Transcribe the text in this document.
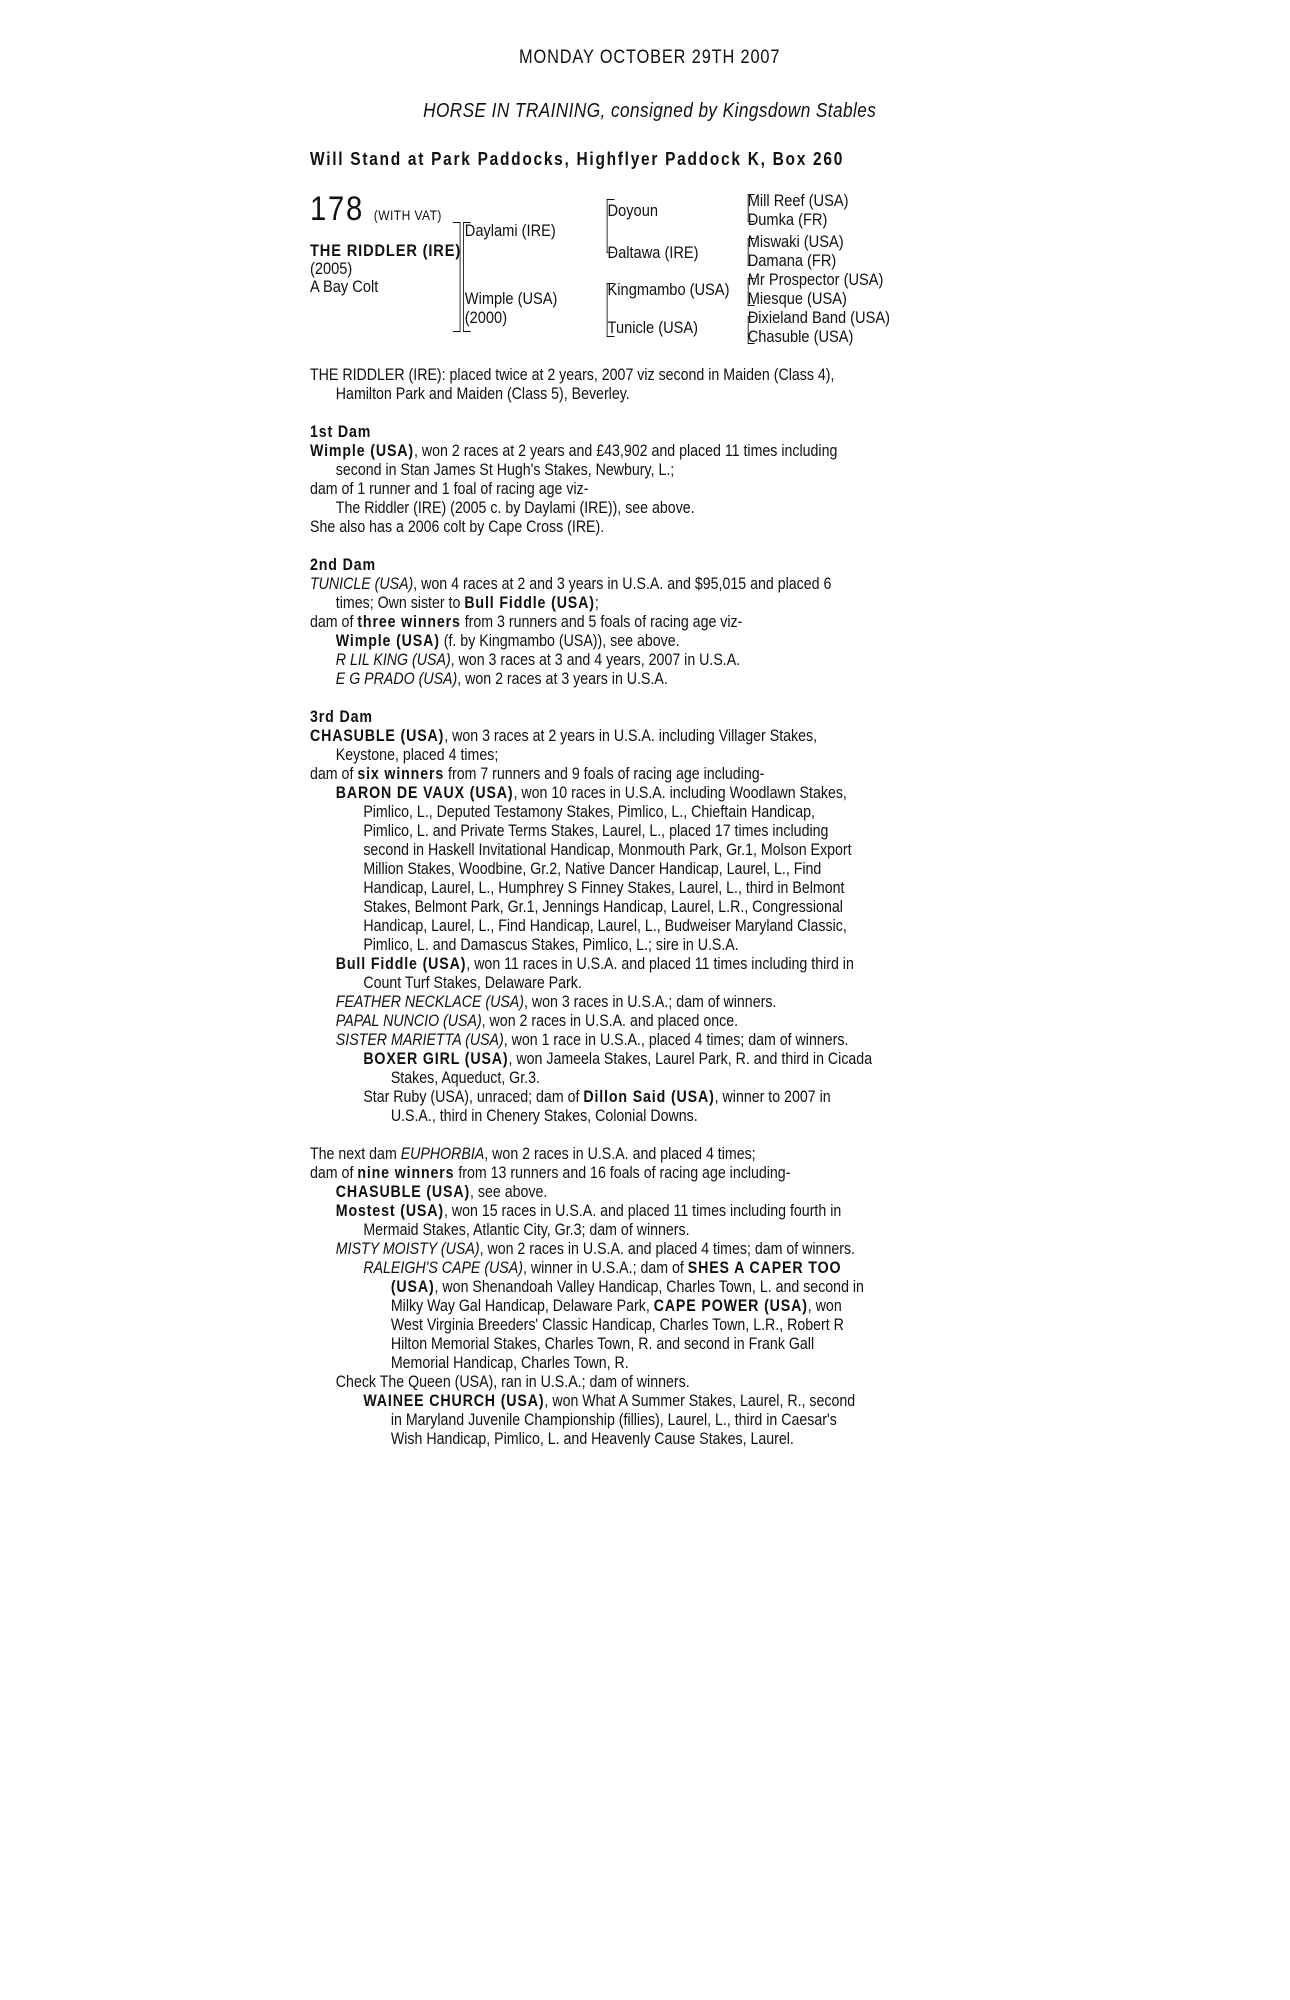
MONDAY OCTOBER 29TH 2007
HORSE IN TRAINING, consigned by Kingsdown Stables
Will Stand at Park Paddocks, Highflyer Paddock K, Box 260
178 (WITH VAT)
THE RIDDLER (IRE)
(2005)
A Bay Colt
Daylami (IRE)
Wimple (USA)
(2000)
Doyoun
Daltawa (IRE)
Kingmambo (USA)
Tunicle (USA)
Mill Reef (USA)
Dumka (FR)
Miswaki (USA)
Damana (FR)
Mr Prospector (USA)
Miesque (USA)
Dixieland Band (USA)
Chasuble (USA)
THE RIDDLER (IRE): placed twice at 2 years, 2007 viz second in Maiden (Class 4),
Hamilton Park and Maiden (Class 5), Beverley.
1st Dam
Wimple (USA), won 2 races at 2 years and £43,902 and placed 11 times including
second in Stan James St Hugh's Stakes, Newbury, L.;
dam of 1 runner and 1 foal of racing age viz-
The Riddler (IRE) (2005 c. by Daylami (IRE)), see above.
She also has a 2006 colt by Cape Cross (IRE).
2nd Dam
TUNICLE (USA), won 4 races at 2 and 3 years in U.S.A. and $95,015 and placed 6
times; Own sister to Bull Fiddle (USA);
dam of three winners from 3 runners and 5 foals of racing age viz-
Wimple (USA) (f. by Kingmambo (USA)), see above.
R LIL KING (USA), won 3 races at 3 and 4 years, 2007 in U.S.A.
E G PRADO (USA), won 2 races at 3 years in U.S.A.
3rd Dam
CHASUBLE (USA), won 3 races at 2 years in U.S.A. including Villager Stakes,
Keystone, placed 4 times;
dam of six winners from 7 runners and 9 foals of racing age including-
BARON DE VAUX (USA), won 10 races in U.S.A. including Woodlawn Stakes,
Pimlico, L., Deputed Testamony Stakes, Pimlico, L., Chieftain Handicap,
Pimlico, L. and Private Terms Stakes, Laurel, L., placed 17 times including
second in Haskell Invitational Handicap, Monmouth Park, Gr.1, Molson Export
Million Stakes, Woodbine, Gr.2, Native Dancer Handicap, Laurel, L., Find
Handicap, Laurel, L., Humphrey S Finney Stakes, Laurel, L., third in Belmont
Stakes, Belmont Park, Gr.1, Jennings Handicap, Laurel, L.R., Congressional
Handicap, Laurel, L., Find Handicap, Laurel, L., Budweiser Maryland Classic,
Pimlico, L. and Damascus Stakes, Pimlico, L.; sire in U.S.A.
Bull Fiddle (USA), won 11 races in U.S.A. and placed 11 times including third in
Count Turf Stakes, Delaware Park.
FEATHER NECKLACE (USA), won 3 races in U.S.A.; dam of winners.
PAPAL NUNCIO (USA), won 2 races in U.S.A. and placed once.
SISTER MARIETTA (USA), won 1 race in U.S.A., placed 4 times; dam of winners.
BOXER GIRL (USA), won Jameela Stakes, Laurel Park, R. and third in Cicada
Stakes, Aqueduct, Gr.3.
Star Ruby (USA), unraced; dam of Dillon Said (USA), winner to 2007 in
U.S.A., third in Chenery Stakes, Colonial Downs.
The next dam EUPHORBIA, won 2 races in U.S.A. and placed 4 times;
dam of nine winners from 13 runners and 16 foals of racing age including-
CHASUBLE (USA), see above.
Mostest (USA), won 15 races in U.S.A. and placed 11 times including fourth in
Mermaid Stakes, Atlantic City, Gr.3; dam of winners.
MISTY MOISTY (USA), won 2 races in U.S.A. and placed 4 times; dam of winners.
RALEIGH'S CAPE (USA), winner in U.S.A.; dam of SHES A CAPER TOO
(USA), won Shenandoah Valley Handicap, Charles Town, L. and second in
Milky Way Gal Handicap, Delaware Park, CAPE POWER (USA), won
West Virginia Breeders' Classic Handicap, Charles Town, L.R., Robert R
Hilton Memorial Stakes, Charles Town, R. and second in Frank Gall
Memorial Handicap, Charles Town, R.
Check The Queen (USA), ran in U.S.A.; dam of winners.
WAINEE CHURCH (USA), won What A Summer Stakes, Laurel, R., second
in Maryland Juvenile Championship (fillies), Laurel, L., third in Caesar's
Wish Handicap, Pimlico, L. and Heavenly Cause Stakes, Laurel.
